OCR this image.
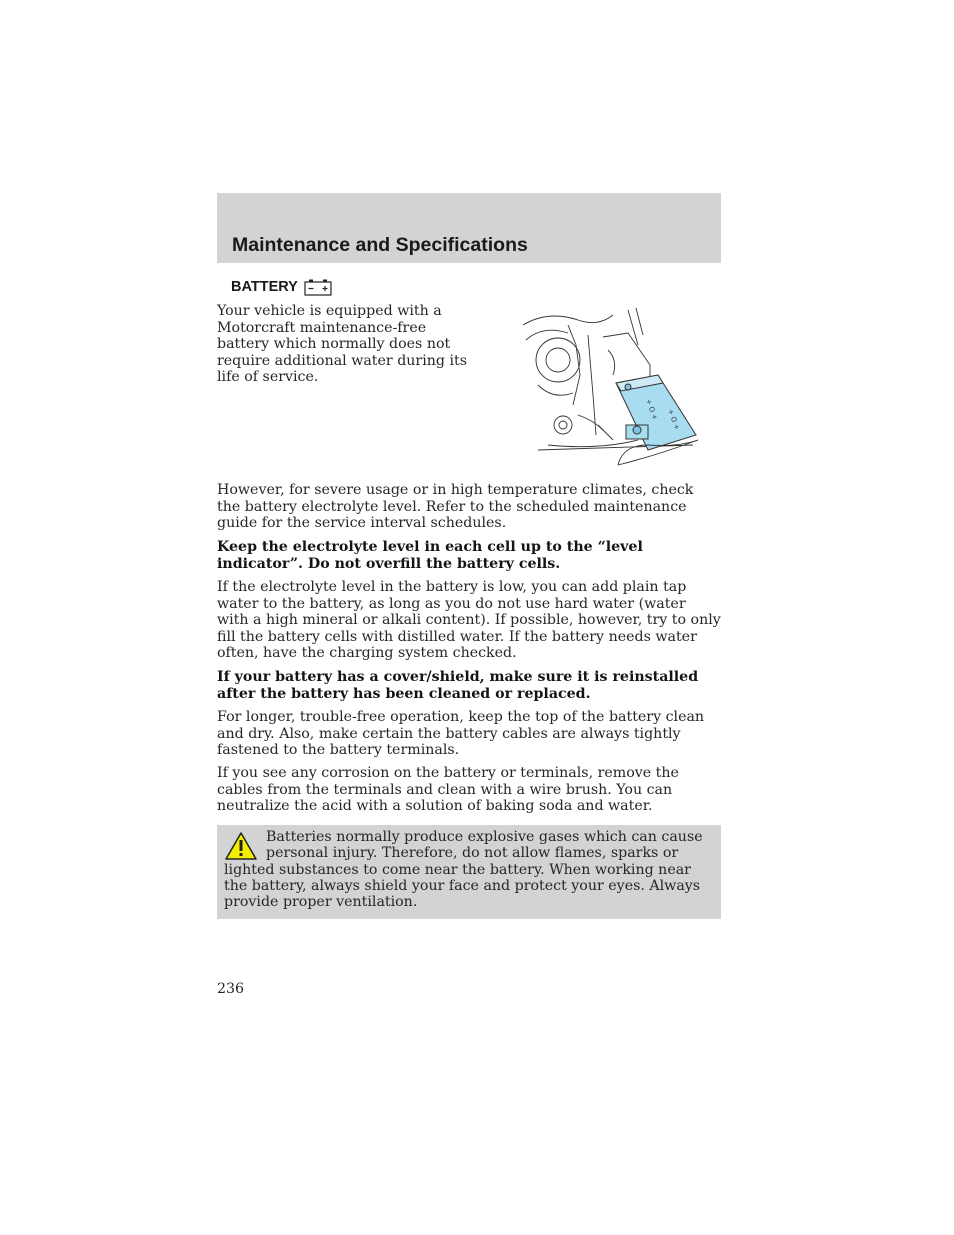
Maintenance and Specifications
BATTERY

Your vehicle is equipped with a Motorcraft maintenance-free battery which normally does not require additional water during its life of service.

+ O + + O +

However, for severe usage or in high temperature climates, check the battery electrolyte level. Refer to the scheduled maintenance guide for the service interval schedules.

Keep the electrolyte level in each cell up to the “level indicator”. Do not overfill the battery cells.

If the electrolyte level in the battery is low, you can add plain tap water to the battery, as long as you do not use hard water (water with a high mineral or alkali content). If possible, however, try to only fill the battery cells with distilled water. If the battery needs water often, have the charging system checked.

If your battery has a cover/shield, make sure it is reinstalled after the battery has been cleaned or replaced.

For longer, trouble-free operation, keep the top of the battery clean and dry. Also, make certain the battery cables are always tightly fastened to the battery terminals.

If you see any corrosion on the battery or terminals, remove the cables from the terminals and clean with a wire brush. You can neutralize the acid with a solution of baking soda and water.

Batteries normally produce explosive gases which can cause personal injury. Therefore, do not allow flames, sparks or lighted substances to come near the battery. When working near the battery, always shield your face and protect your eyes. Always provide proper ventilation.

236
